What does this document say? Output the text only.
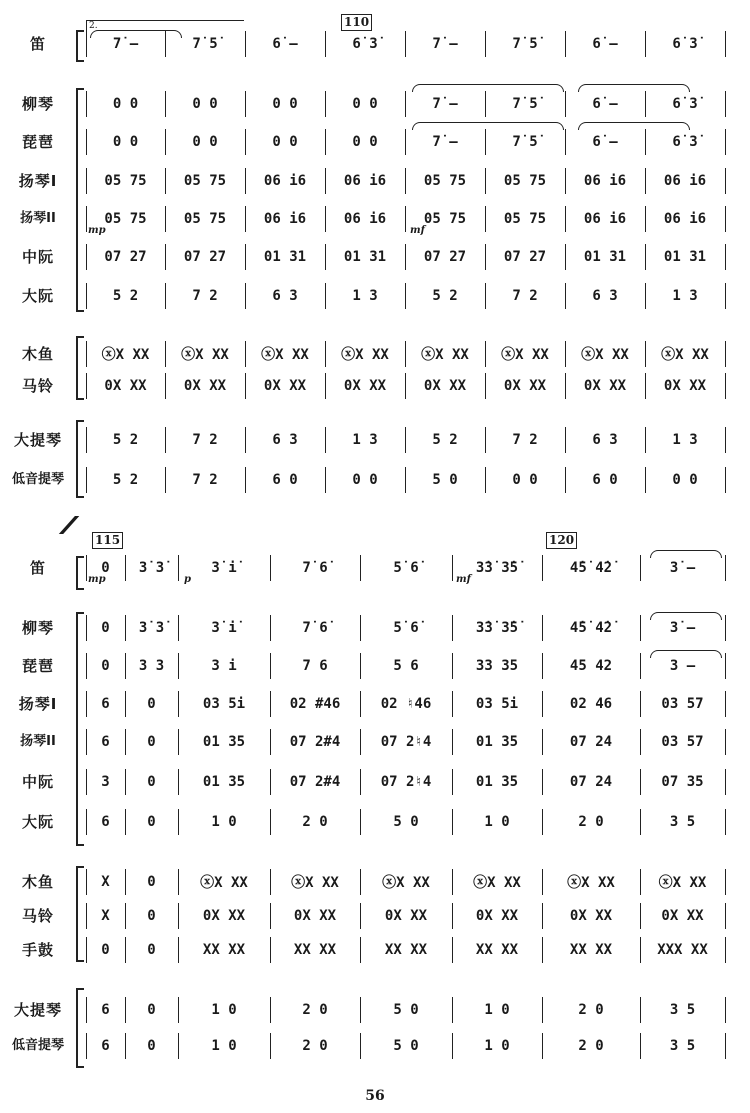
2.	110
笛	7̇ –	7̇ 5̇	6̇ –	6̇ 3̇	7̇ –	7̇ 5̇	6̇ –	6̇ 3̇
柳琴	0 0	0 0	0 0	0 0	7̇ –	7̇ 5̇	6̇ –	6̇ 3̇
琵琶	0 0	0 0	0 0	0 0	7̇ –	7̇ 5̇	6̇ –	6̇ 3̇
扬琴I	05 75	05 75	06 i6	06 i6	05 75	05 75	06 i6	06 i6
扬琴II	05 75	05 75	06 i6	06 i6	05 75	05 75	06 i6	06 i6
中阮	07 27	07 27	01 31	01 31	07 27	07 27	01 31	01 31
大阮	5 2	7 2	6 3	1 3	5 2	7 2	6 3	1 3
木鱼	ⓧX XX	ⓧX XX	ⓧX XX	ⓧX XX	ⓧX XX	ⓧX XX	ⓧX XX	ⓧX XX
马铃	0X XX	0X XX	0X XX	0X XX	0X XX	0X XX	0X XX	0X XX
大提琴	5 2	7 2	6 3	1 3	5 2	7 2	6 3	1 3
低音提琴	5 2	7 2	6 0	0 0	5 0	0 0	6 0	0 0
mp	mf
//
115	120
笛	0	3̇ 3̇	3̇ i̇	7̇ 6̇	5̇ 6̇	3̇3̇ 3̇5̇	4̇5̇ 4̇2̇	3̇ –
柳琴	0	3̇ 3̇	3̇ i̇	7̇ 6̇	5̇ 6̇	3̇3̇ 3̇5̇	4̇5̇ 4̇2̇	3̇ –
琵琶	0	3 3	3 i	7 6	5 6	33 35	45 42	3 –
扬琴I	6	0	03 5i	02 #46	02 ♮46	03 5i	02 46	03 57
扬琴II	6	0	01 35	07 2#4	07 2♮4	01 35	07 24	03 57
中阮	3	0	01 35	07 2#4	07 2♮4	01 35	07 24	07 35
大阮	6	0	1 0	2 0	5 0	1 0	2 0	3 5
木鱼	X	0	ⓧX XX	ⓧX XX	ⓧX XX	ⓧX XX	ⓧX XX	ⓧX XX
马铃	X	0	0X XX	0X XX	0X XX	0X XX	0X XX	0X XX
手鼓	0	0	XX XX	XX XX	XX XX	XX XX	XX XX	XXX XX
大提琴	6	0	1 0	2 0	5 0	1 0	2 0	3 5
低音提琴	6	0	1 0	2 0	5 0	1 0	2 0	3 5
mp	p	mf
56
